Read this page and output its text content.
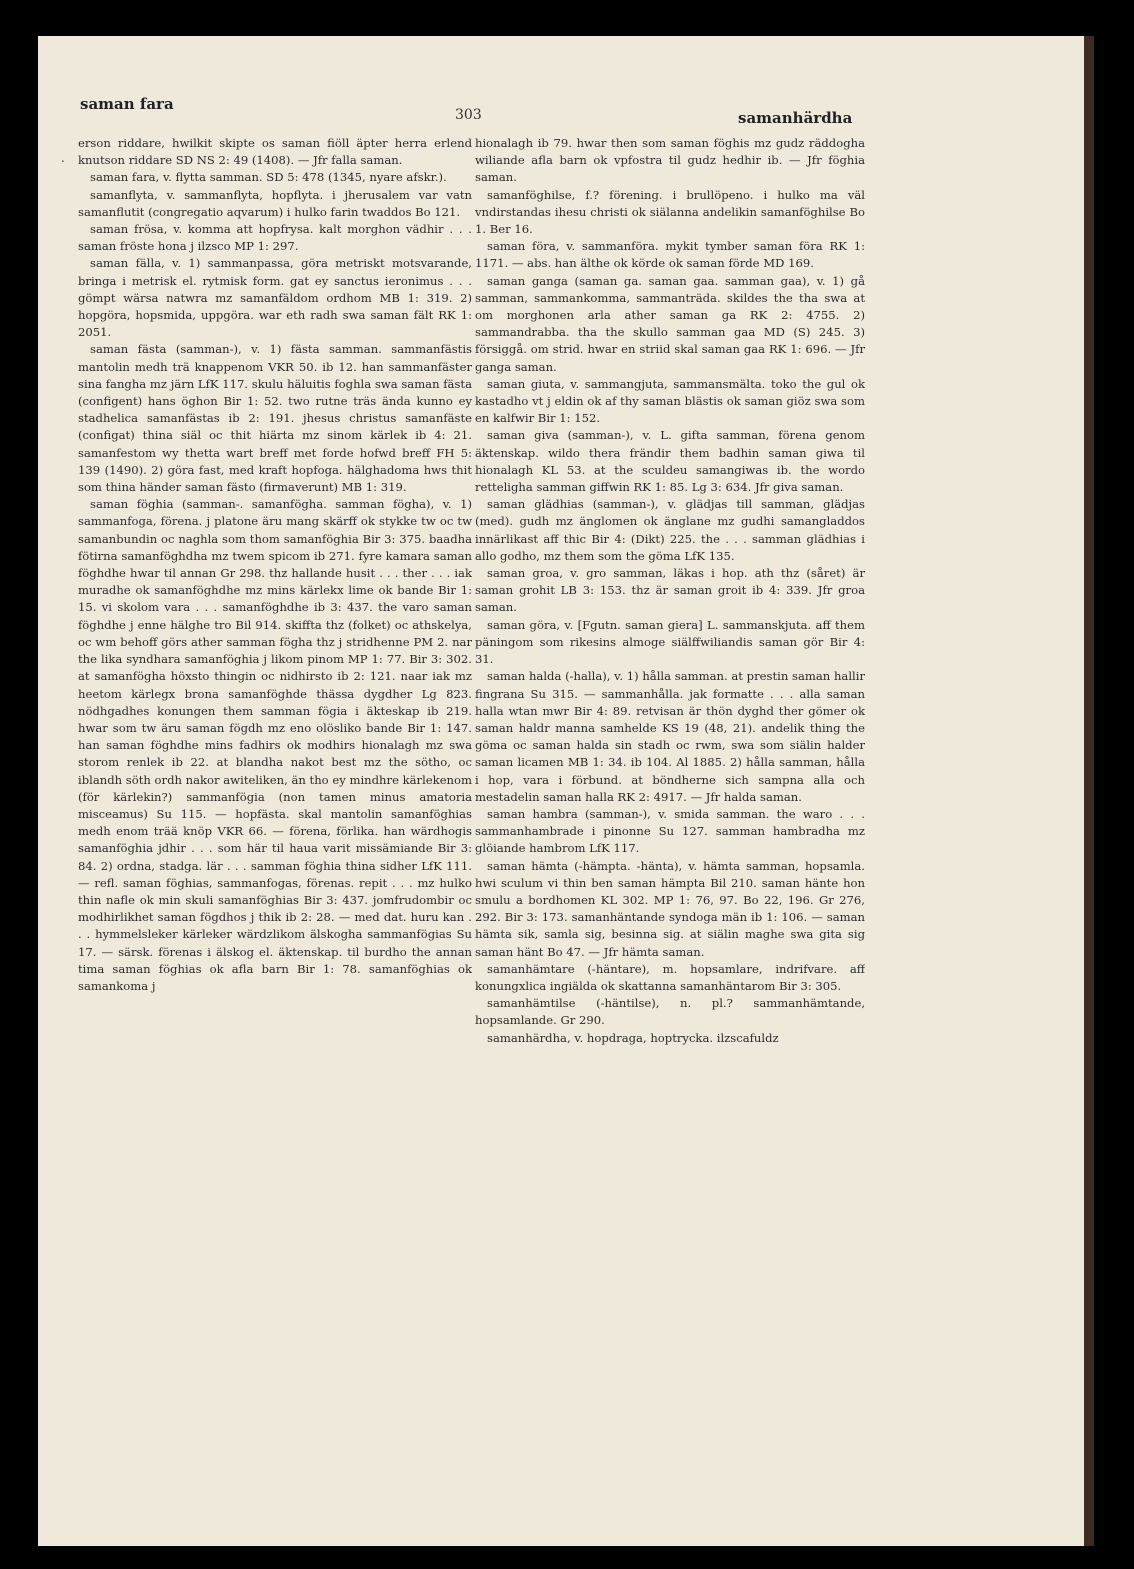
saman fara
303	samanhärdha
.

erson riddare, hwilkit skipte os saman fiöll äpter herra erlend knutson riddare SD NS 2: 49 (1408). — Jfr falla saman.

saman fara, v. flytta samman. SD 5: 478 (1345, nyare afskr.).

samanflyta, v. sammanflyta, hopflyta. i jherusalem var vatn samanflutit (congregatio aqvarum) i hulko farin twaddos Bo 121.

saman frösa, v. komma att hopfrysa. kalt morghon vädhir . . . saman fröste hona j ilzsco MP 1: 297.

saman fälla, v. 1) sammanpassa, göra metriskt motsvarande, bringa i metrisk el. rytmisk form. gat ey sanctus ieronimus . . . gömpt wärsa natwra mz samanfäldom ordhom MB 1: 319. 2) hopgöra, hopsmida, uppgöra. war eth radh swa saman fält RK 1: 2051.

saman fästa (samman-), v. 1) fästa samman. sammanfästis mantolin medh trä knappenom VKR 50. ib 12. han sammanfäster sina fangha mz järn LfK 117. skulu häluitis foghla swa saman fästa (configent) hans öghon Bir 1: 52. two rutne träs ända kunno ey stadhelica samanfästas ib 2: 191. jhesus christus samanfäste (configat) thina siäl oc thit hiärta mz sinom kärlek ib 4: 21. samanfestom wy thetta wart breff met forde hofwd breff FH 5: 139 (1490). 2) göra fast, med kraft hopfoga. hälghadoma hws thit som thina händer saman fästo (firmaverunt) MB 1: 319.

saman föghia (samman-. samanfögha. samman fögha), v. 1) sammanfoga, förena. j platone äru mang skärff ok stykke tw oc tw samanbundin oc naghla som thom samanföghia Bir 3: 375. baadha fötirna samanföghdha mz twem spicom ib 271. fyre kamara saman föghdhe hwar til annan Gr 298. thz hallande husit . . . ther . . . iak muradhe ok samanföghdhe mz mins kärlekx lime ok bande Bir 1: 15. vi skolom vara . . . samanföghdhe ib 3: 437. the varo saman föghdhe j enne hälghe tro Bil 914. skiffta thz (folket) oc athskelya, oc wm behoff görs ather samman fögha thz j stridhenne PM 2. nar the lika syndhara samanföghia j likom pinom MP 1: 77. Bir 3: 302. at samanfögha höxsto thingin oc nidhirsto ib 2: 121. naar iak mz heetom kärlegx brona samanföghde thässa dygdher Lg 823. nödhgadhes konungen them samman fögia i äkteskap ib 219. hwar som tw äru saman fögdh mz eno olösliko bande Bir 1: 147. han saman föghdhe mins fadhirs ok modhirs hionalagh mz swa storom renlek ib 22. at blandha nakot best mz the sötho, oc iblandh söth ordh nakor awiteliken, än tho ey mindhre kärlekenom (för kärlekin?) sammanfögia (non tamen minus amatoria misceamus) Su 115. — hopfästa. skal mantolin samanföghias medh enom trää knöp VKR 66. — förena, förlika. han wärdhogis samanföghia jdhir . . . som här til haua varit missämiande Bir 3: 84. 2) ordna, stadga. lär . . . samman föghia thina sidher LfK 111. — refl. saman föghias, sammanfogas, förenas. repit . . . mz hulko thin nafle ok min skuli samanföghias Bir 3: 437. jomfrudombir oc modhirlikhet saman fögdhos j thik ib 2: 28. — med dat. huru kan . . . hymmelsleker kärleker wärdzlikom älskogha sammanfögias Su 17. — särsk. förenas i älskog el. äktenskap. til burdho the annan tima saman föghias ok afla barn Bir 1: 78. samanföghias ok samankoma j

hionalagh ib 79. hwar then som saman föghis mz gudz räddogha wiliande afla barn ok vpfostra til gudz hedhir ib. — Jfr föghia saman.

samanföghilse, f.? förening. i brullöpeno. i hulko ma väl vndirstandas ihesu christi ok siälanna andelikin samanföghilse Bo 1. Ber 16.

saman föra, v. sammanföra. mykit tymber saman föra RK 1: 1171. — abs. han älthe ok körde ok saman förde MD 169.

saman ganga (saman ga. saman gaa. samman gaa), v. 1) gå samman, sammankomma, sammanträda. skildes the tha swa at om morghonen arla ather saman ga RK 2: 4755. 2) sammandrabba. tha the skullo samman gaa MD (S) 245. 3) försiggå. om strid. hwar en striid skal saman gaa RK 1: 696. — Jfr ganga saman.

saman giuta, v. sammangjuta, sammansmälta. toko the gul ok kastadho vt j eldin ok af thy saman blästis ok saman giöz swa som en kalfwir Bir 1: 152.

saman giva (samman-), v. L. gifta samman, förena genom äktenskap. wildo thera frändir them badhin saman giwa til hionalagh KL 53. at the sculdeu samangiwas ib. the wordo retteligha samman giffwin RK 1: 85. Lg 3: 634. Jfr giva saman.

saman glädhias (samman-), v. glädjas till samman, glädjas (med). gudh mz änglomen ok änglane mz gudhi samangladdos innärlikast aff thic Bir 4: (Dikt) 225. the . . . samman glädhias i allo godho, mz them som the göma LfK 135.

saman groa, v. gro samman, läkas i hop. ath thz (såret) är saman grohit LB 3: 153. thz är saman groit ib 4: 339. Jfr groa saman.

saman göra, v. [Fgutn. saman giera] L. sammanskjuta. aff them päningom som rikesins almoge siälffwiliandis saman gör Bir 4: 31.

saman halda (-halla), v. 1) hålla samman. at prestin saman hallir fingrana Su 315. — sammanhålla. jak formatte . . . alla saman halla wtan mwr Bir 4: 89. retvisan är thön dyghd ther gömer ok saman haldr manna samhelde KS 19 (48, 21). andelik thing the göma oc saman halda sin stadh oc rwm, swa som siälin halder saman licamen MB 1: 34. ib 104. Al 1885. 2) hålla samman, hålla i hop, vara i förbund. at böndherne sich sampna alla och mestadelin saman halla RK 2: 4917. — Jfr halda saman.

saman hambra (samman-), v. smida samman. the waro . . . sammanhambrade i pinonne Su 127. samman hambradha mz glöiande hambrom LfK 117.

saman hämta (-hämpta. -hänta), v. hämta samman, hopsamla. hwi sculum vi thin ben saman hämpta Bil 210. saman hänte hon smulu a bordhomen KL 302. MP 1: 76, 97. Bo 22, 196. Gr 276, 292. Bir 3: 173. samanhäntande syndoga män ib 1: 106. — saman hämta sik, samla sig, besinna sig. at siälin maghe swa gita sig saman hänt Bo 47. — Jfr hämta saman.

samanhämtare (-häntare), m. hopsamlare, indrifvare. aff konungxlica ingiälda ok skattanna samanhäntarom Bir 3: 305.

samanhämtilse (-häntilse), n. pl.? sammanhämtande, hopsamlande. Gr 290.

samanhärdha, v. hopdraga, hoptrycka. ilzscafuldz
